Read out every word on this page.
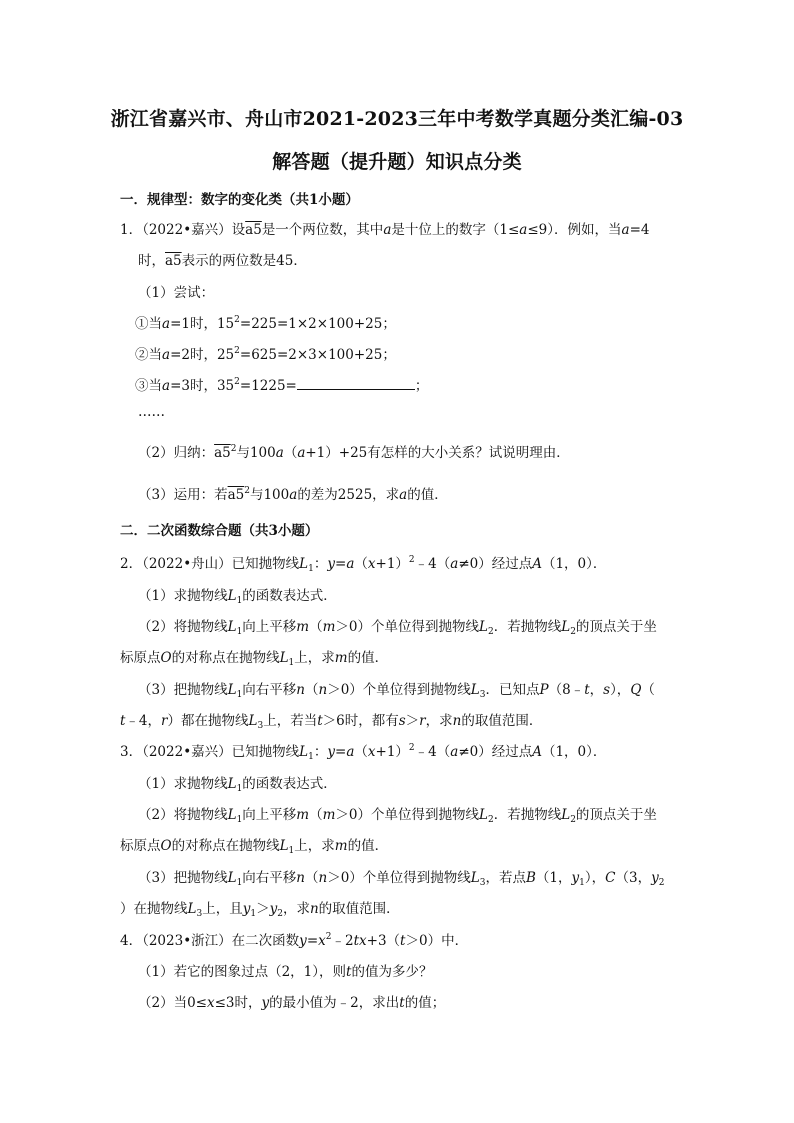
浙江省嘉兴市、舟山市2021-2023三年中考数学真题分类汇编-03
解答题（提升题）知识点分类
一．规律型：数字的变化类（共1小题）
1．（2022•嘉兴）设a5是一个两位数，其中a是十位上的数字（1≤a≤9）．例如，当a=4
时，a5表示的两位数是45．
（1）尝试：
①当a=1时，$15^2=225=1\times 2\times 100+25$；
②当a=2时，$25^2=625=2\times 3\times 100+25$；
③当a=3时，$35^2=1225=$	；
……
（2）归纳：$a5^2$与100a（a+1）+25有怎样的大小关系？试说明理由．
（3）运用：若$a5^2$与100a的差为2525，求a的值．
二．二次函数综合题（共3小题）
2．（2022•舟山）已知抛物线$L_1$：$y=a(x+1)^2﹣4(a\ne 0)$经过点A（1，0）．
（1）求抛物线$L_1$的函数表达式．
（2）将抛物线$L_1$向上平移m（m＞0）个单位得到抛物线$L_2$．若抛物线$L_2$的顶点关于坐
标原点O的对称点在抛物线$L_1$上，求m的值．
（3）把抛物线$L_1$向右平移n（n＞0）个单位得到抛物线$L_3$．已知点P（8﹣t，s），Q（
t﹣4，r）都在抛物线$L_3$上，若当t＞6时，都有s＞r，求n的取值范围．
3．（2022•嘉兴）已知抛物线$L_1$：$y=a(x+1)^2﹣4(a\ne 0)$经过点A（1，0）．
（1）求抛物线$L_1$的函数表达式．
（2）将抛物线$L_1$向上平移m（m＞0）个单位得到抛物线$L_2$．若抛物线$L_2$的顶点关于坐
标原点O的对称点在抛物线$L_1$上，求m的值．
（3）把抛物线$L_1$向右平移n（n＞0）个单位得到抛物线$L_3$，若点B（1，$y_1$），C（3，$y_2$
）在抛物线$L_3$上，且$y_1>y_2$，求n的取值范围．
4．（2023•浙江）在二次函数$y=x^2﹣2tx+3(t>0)$中．
（1）若它的图象过点（2，1），则t的值为多少？
（2）当0≤x≤3时，y的最小值为﹣2，求出t的值；
